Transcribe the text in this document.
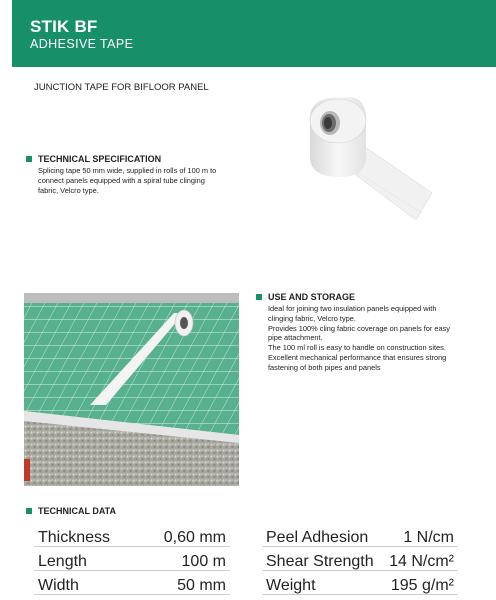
STIK BF
ADHESIVE TAPE
JUNCTION TAPE FOR BIFLOOR PANEL
TECHNICAL SPECIFICATION

Splicing tape 50 mm wide, supplied in rolls of 100 m to

connect panels equipped with a spiral tube clinging

fabric, Velcro type.

USE AND STORAGE

Ideal for joining two insulation panels equipped with

clinging fabric, Velcro type.

Provides 100% cling fabric coverage on panels for easy

pipe attachment.

The 100 ml roll is easy to handle on construction sites.

Excellent mechanical performance that ensures strong

fastening of both pipes and panels

TECHNICAL DATA
Thickness	0,60 mm
Length	100 m
Width	50 mm
Peel Adhesion 1 N/cm
Shear Strength 14 N/cm²
Weight	195 g/m²
